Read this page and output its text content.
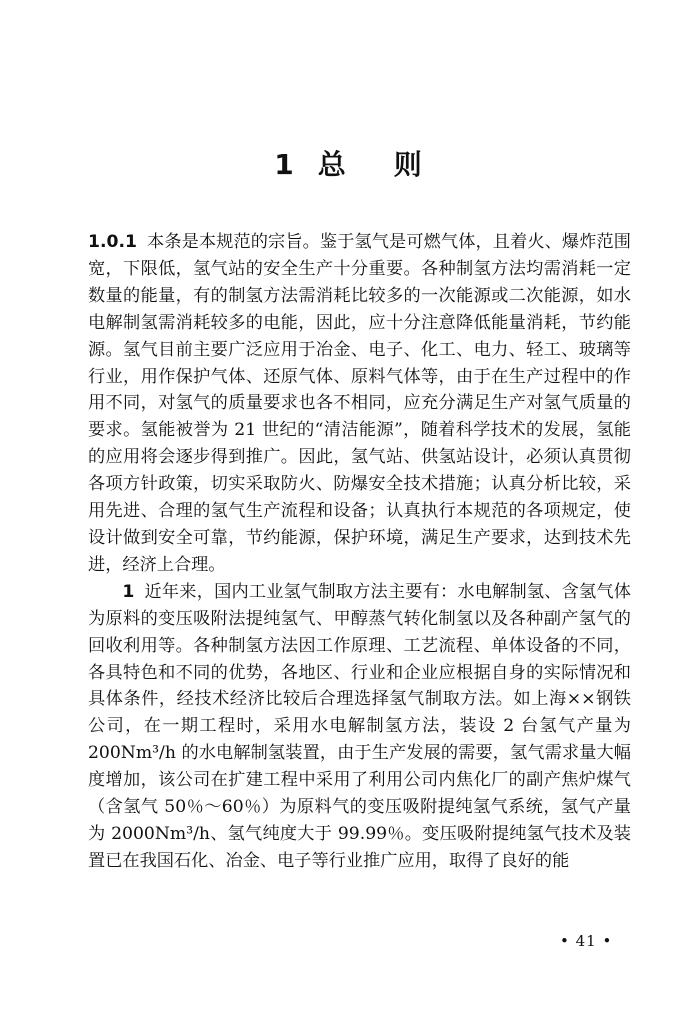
1 总 则

1.0.1 本条是本规范的宗旨。鉴于氢气是可燃气体，且着火、爆炸范围宽，下限低，氢气站的安全生产十分重要。各种制氢方法均需消耗一定数量的能量，有的制氢方法需消耗比较多的一次能源或二次能源，如水电解制氢需消耗较多的电能，因此，应十分注意降低能量消耗，节约能源。氢气目前主要广泛应用于冶金、电子、化工、电力、轻工、玻璃等行业，用作保护气体、还原气体、原料气体等，由于在生产过程中的作用不同，对氢气的质量要求也各不相同，应充分满足生产对氢气质量的要求。氢能被誉为 21 世纪的“清洁能源”，随着科学技术的发展，氢能的应用将会逐步得到推广。因此，氢气站、供氢站设计，必须认真贯彻各项方针政策，切实采取防火、防爆安全技术措施；认真分析比较，采用先进、合理的氢气生产流程和设备；认真执行本规范的各项规定，使设计做到安全可靠，节约能源，保护环境，满足生产要求，达到技术先进，经济上合理。

1 近年来，国内工业氢气制取方法主要有：水电解制氢、含氢气体为原料的变压吸附法提纯氢气、甲醇蒸气转化制氢以及各种副产氢气的回收利用等。各种制氢方法因工作原理、工艺流程、单体设备的不同，各具特色和不同的优势，各地区、行业和企业应根据自身的实际情况和具体条件，经技术经济比较后合理选择氢气制取方法。如上海××钢铁公司，在一期工程时，采用水电解制氢方法，装设 2 台氢气产量为 200Nm³/h 的水电解制氢装置，由于生产发展的需要，氢气需求量大幅度增加，该公司在扩建工程中采用了利用公司内焦化厂的副产焦炉煤气（含氢气 50％～60％）为原料气的变压吸附提纯氢气系统，氢气产量为 2000Nm³/h、氢气纯度大于 99.99％。变压吸附提纯氢气技术及装置已在我国石化、冶金、电子等行业推广应用，取得了良好的能

• 41 •
